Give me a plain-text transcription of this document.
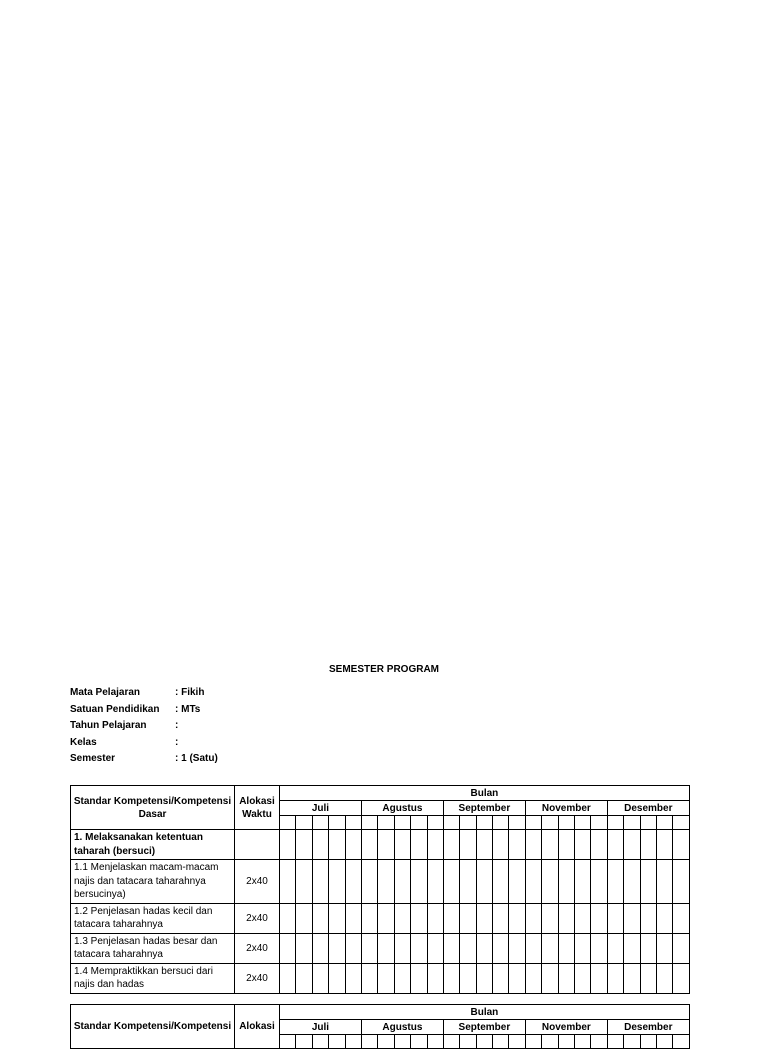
SEMESTER PROGRAM
Mata Pelajaran	: Fikih
Satuan Pendidikan	: MTs
Tahun Pelajaran	:
Kelas	:
Semester	: 1 (Satu)
Standar Kompetensi/Kompetensi Dasar	Alokasi Waktu	Bulan																								
		Juli					Agustus					September					November					Desember				

1. Melaksanakan ketentuan taharah (bersuci)																										
1.1 Menjelaskan macam-macam najis dan tatacara taharahnya bersucinya)	2x40																									
1.2 Penjelasan hadas kecil dan tatacara taharahnya	2x40																									
1.3 Penjelasan hadas besar dan tatacara taharahnya	2x40																									
1.4 Mempraktikkan bersuci dari najis dan hadas	2x40																									
Standar Kompetensi/Kompetensi	Alokasi	Bulan																								
		Juli					Agustus					September					November					Desember				
